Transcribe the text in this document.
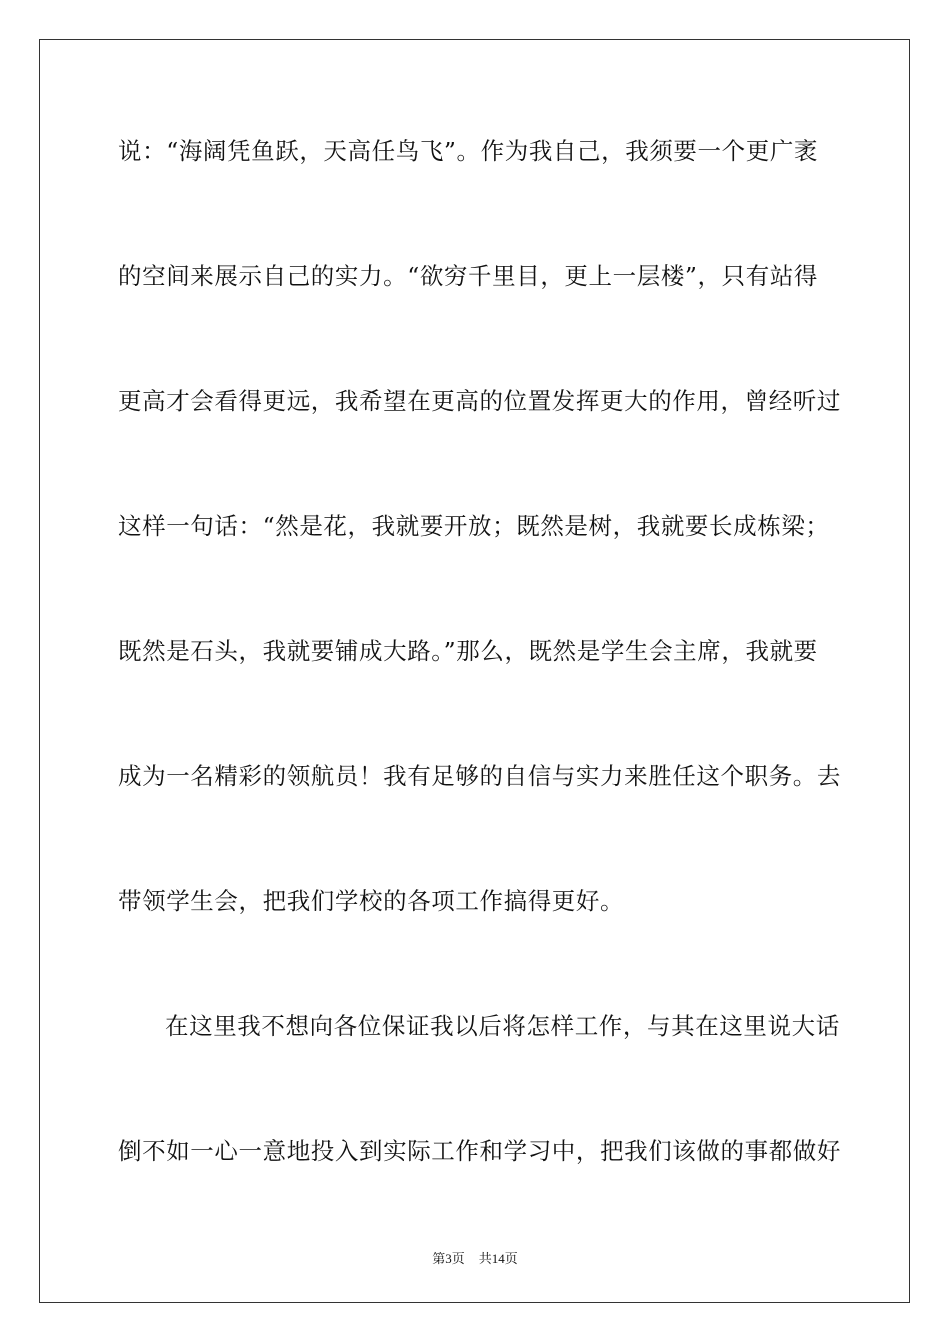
说：“海阔凭鱼跃，天高任鸟飞”。作为我自己，我须要一个更广袤
的空间来展示自己的实力。“欲穷千里目，更上一层楼”，只有站得
更高才会看得更远，我希望在更高的位置发挥更大的作用，曾经听过
这样一句话：“然是花，我就要开放；既然是树，我就要长成栋梁；
既然是石头，我就要铺成大路。”那么，既然是学生会主席，我就要
成为一名精彩的领航员！我有足够的自信与实力来胜任这个职务。去
带领学生会，把我们学校的各项工作搞得更好。
在这里我不想向各位保证我以后将怎样工作，与其在这里说大话
倒不如一心一意地投入到实际工作和学习中，把我们该做的事都做好
第3页 共14页
